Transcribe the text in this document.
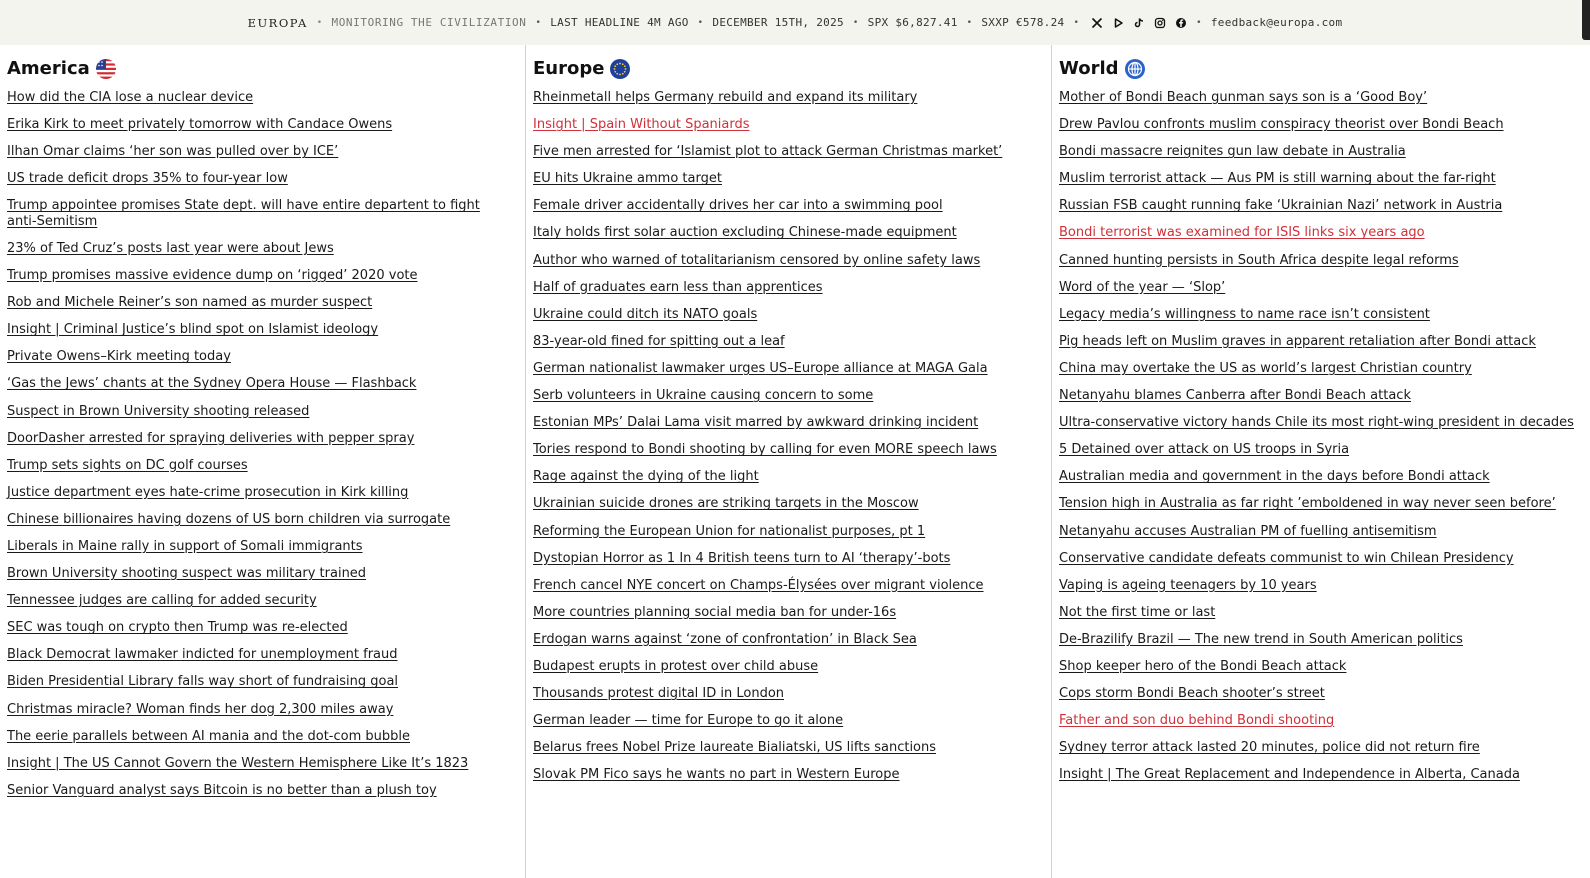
EUROPA • MONITORING THE CIVILIZATION • LAST HEADLINE 4M AGO • DECEMBER 15TH, 2025 • SPX $6,827.41 • SXXP €578.24 •	• feedback@europa.com
America
How did the CIA lose a nuclear device
Erika Kirk to meet privately tomorrow with Candace Owens
Ilhan Omar claims ‘her son was pulled over by ICE’
US trade deficit drops 35% to four-year low
Trump appointee promises State dept. will have entire departent to fight anti-Semitism
23% of Ted Cruz’s posts last year were about Jews
Trump promises massive evidence dump on ‘rigged’ 2020 vote
Rob and Michele Reiner’s son named as murder suspect
Insight | Criminal Justice’s blind spot on Islamist ideology
Private Owens–Kirk meeting today
‘Gas the Jews’ chants at the Sydney Opera House — Flashback
Suspect in Brown University shooting released
DoorDasher arrested for spraying deliveries with pepper spray
Trump sets sights on DC golf courses
Justice department eyes hate-crime prosecution in Kirk killing
Chinese billionaires having dozens of US born children via surrogate
Liberals in Maine rally in support of Somali immigrants
Brown University shooting suspect was military trained
Tennessee judges are calling for added security
SEC was tough on crypto then Trump was re-elected
Black Democrat lawmaker indicted for unemployment fraud
Biden Presidential Library falls way short of fundraising goal
Christmas miracle? Woman finds her dog 2,300 miles away
The eerie parallels between AI mania and the dot-com bubble
Insight | The US Cannot Govern the Western Hemisphere Like It’s 1823
Senior Vanguard analyst says Bitcoin is no better than a plush toy
Europe
Rheinmetall helps Germany rebuild and expand its military
Insight | Spain Without Spaniards
Five men arrested for ‘Islamist plot to attack German Christmas market’
EU hits Ukraine ammo target
Female driver accidentally drives her car into a swimming pool
Italy holds first solar auction excluding Chinese-made equipment
Author who warned of totalitarianism censored by online safety laws
Half of graduates earn less than apprentices
Ukraine could ditch its NATO goals
83-year-old fined for spitting out a leaf
German nationalist lawmaker urges US–Europe alliance at MAGA Gala
Serb volunteers in Ukraine causing concern to some
Estonian MPs’ Dalai Lama visit marred by awkward drinking incident
Tories respond to Bondi shooting by calling for even MORE speech laws
Rage against the dying of the light
Ukrainian suicide drones are striking targets in the Moscow
Reforming the European Union for nationalist purposes, pt 1
Dystopian Horror as 1 In 4 British teens turn to AI ‘therapy’-bots
French cancel NYE concert on Champs-Élysées over migrant violence
More countries planning social media ban for under-16s
Erdogan warns against ‘zone of confrontation’ in Black Sea
Budapest erupts in protest over child abuse
Thousands protest digital ID in London
German leader — time for Europe to go it alone
Belarus frees Nobel Prize laureate Bialiatski, US lifts sanctions
Slovak PM Fico says he wants no part in Western Europe
World
Mother of Bondi Beach gunman says son is a ‘Good Boy’
Drew Pavlou confronts muslim conspiracy theorist over Bondi Beach
Bondi massacre reignites gun law debate in Australia
Muslim terrorist attack — Aus PM is still warning about the far-right
Russian FSB caught running fake ‘Ukrainian Nazi’ network in Austria
Bondi terrorist was examined for ISIS links six years ago
Canned hunting persists in South Africa despite legal reforms
Word of the year — ‘Slop’
Legacy media’s willingness to name race isn’t consistent
Pig heads left on Muslim graves in apparent retaliation after Bondi attack
China may overtake the US as world’s largest Christian country
Netanyahu blames Canberra after Bondi Beach attack
Ultra-conservative victory hands Chile its most right-wing president in decades
5 Detained over attack on US troops in Syria
Australian media and government in the days before Bondi attack
Tension high in Australia as far right ’emboldened in way never seen before’
Netanyahu accuses Australian PM of fuelling antisemitism
Conservative candidate defeats communist to win Chilean Presidency
Vaping is ageing teenagers by 10 years
Not the first time or last
De-Brazilify Brazil — The new trend in South American politics
Shop keeper hero of the Bondi Beach attack
Cops storm Bondi Beach shooter’s street
Father and son duo behind Bondi shooting
Sydney terror attack lasted 20 minutes, police did not return fire
Insight | The Great Replacement and Independence in Alberta, Canada
